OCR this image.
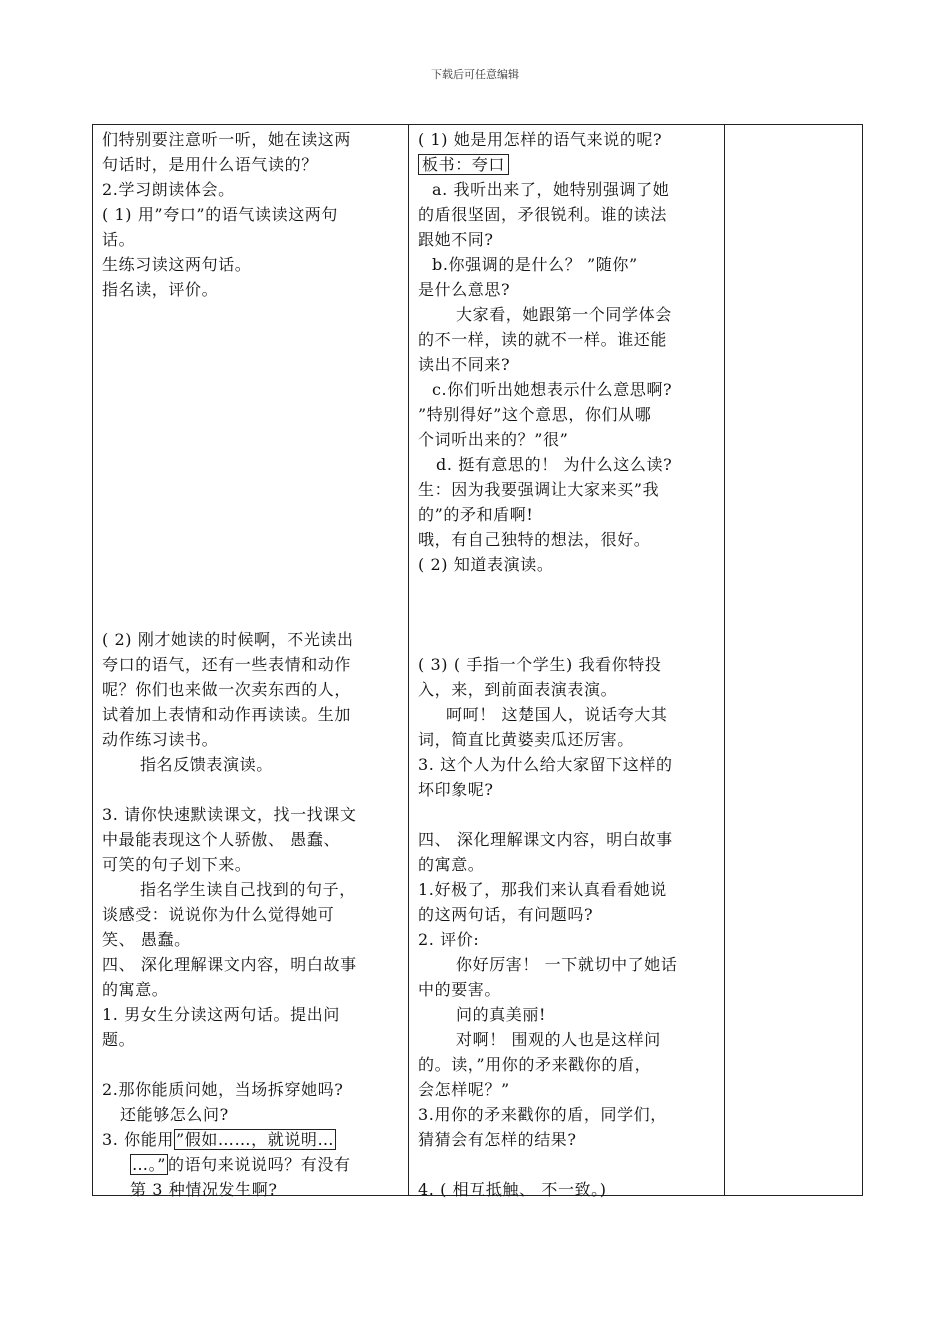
下载后可任意编辑
们特别要注意听一听，她在读这两
句话时，是用什么语气读的？
2.学习朗读体会。
( 1) 用”夸口”的语气读读这两句
话。
生练习读这两句话。
指名读，评价。
( 2) 刚才她读的时候啊，不光读出
夸口的语气，还有一些表情和动作
呢？你们也来做一次卖东西的人，
试着加上表情和动作再读读。生加
动作练习读书。
指名反馈表演读。
3. 请你快速默读课文，找一找课文
中最能表现这个人骄傲、 愚蠢、
可笑的句子划下来。
指名学生读自己找到的句子，
谈感受：说说你为什么觉得她可
笑、 愚蠢。
四、 深化理解课文内容，明白故事
的寓意。
1. 男女生分读这两句话。提出问
题。
2.那你能质问她，当场拆穿她吗?
还能够怎么问?
3. 你能用 ”假如……，就说明…
…。” 的语句来说说吗？有没有
第 3 种情况发生啊?
( 1) 她是用怎样的语气来说的呢?
板书：夸口
a. 我听出来了，她特别强调了她
的盾很坚固，矛很锐利。谁的读法
跟她不同?
b.你强调的是什么？ ”随你”
是什么意思?
大家看，她跟第一个同学体会
的不一样，读的就不一样。谁还能
读出不同来?
c.你们听出她想表示什么意思啊?
”特别得好”这个意思，你们从哪
个词听出来的？”很”
d. 挺有意思的！ 为什么这么读?
生：因为我要强调让大家来买”我
的”的矛和盾啊!
哦，有自己独特的想法，很好。
( 2) 知道表演读。
( 3) ( 手指一个学生) 我看你特投
入，来，到前面表演表演。
呵呵！ 这楚国人，说话夸大其
词，简直比黄婆卖瓜还厉害。
3. 这个人为什么给大家留下这样的
坏印象呢?
四、 深化理解课文内容，明白故事
的寓意。
1.好极了，那我们来认真看看她说
的这两句话，有问题吗?
2. 评价:
你好厉害！ 一下就切中了她话
中的要害。
问的真美丽!
对啊！ 围观的人也是这样问
的。读，”用你的矛来戳你的盾，
会怎样呢？”
3.用你的矛来戳你的盾，同学们，
猜猜会有怎样的结果?
4. ( 相互抵触、 不一致。)
